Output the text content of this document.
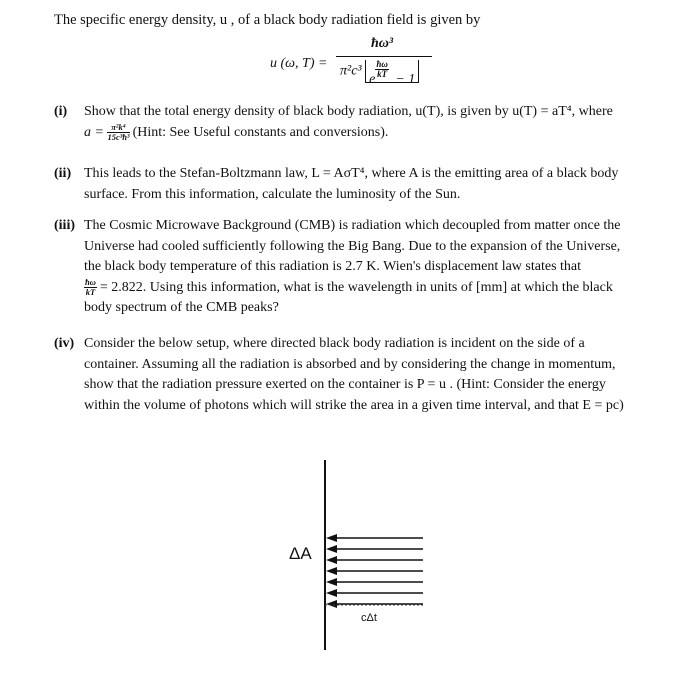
The specific energy density, u , of a black body radiation field is given by
u (ω, T) =
ħω³
π²c³ e
$\frac{ħ\omega}{kT}$
− 1
(i) Show that the total energy density of black body radiation, u(T), is given by u(T) = aT⁴, where
$a = \frac{\text{π²k⁴}}{\text{15c³ħ³}}$ (Hint: See Useful constants and conversions).
(ii) This leads to the Stefan-Boltzmann law, L = AσT⁴, where A is the emitting area of a black body
surface. From this information, calculate the luminosity of the Sun.
(iii) The Cosmic Microwave Background (CMB) is radiation which decoupled from matter once the
Universe had cooled sufficiently following the Big Bang. Due to the expansion of the Universe,
the black body temperature of this radiation is 2.7 K. Wien's displacement law states that
$\frac{ħ\omega}{kT} = 2.822$. Using this information, what is the wavelength in units of [mm] at which the black
body spectrum of the CMB peaks?
(iv) Consider the below setup, where directed black body radiation is incident on the side of a
container. Assuming all the radiation is absorbed and by considering the change in momentum,
show that the radiation pressure exerted on the container is P = u . (Hint: Consider the energy
within the volume of photons which will strike the area in a given time interval, and that E = pc)
ΔA
cΔt
